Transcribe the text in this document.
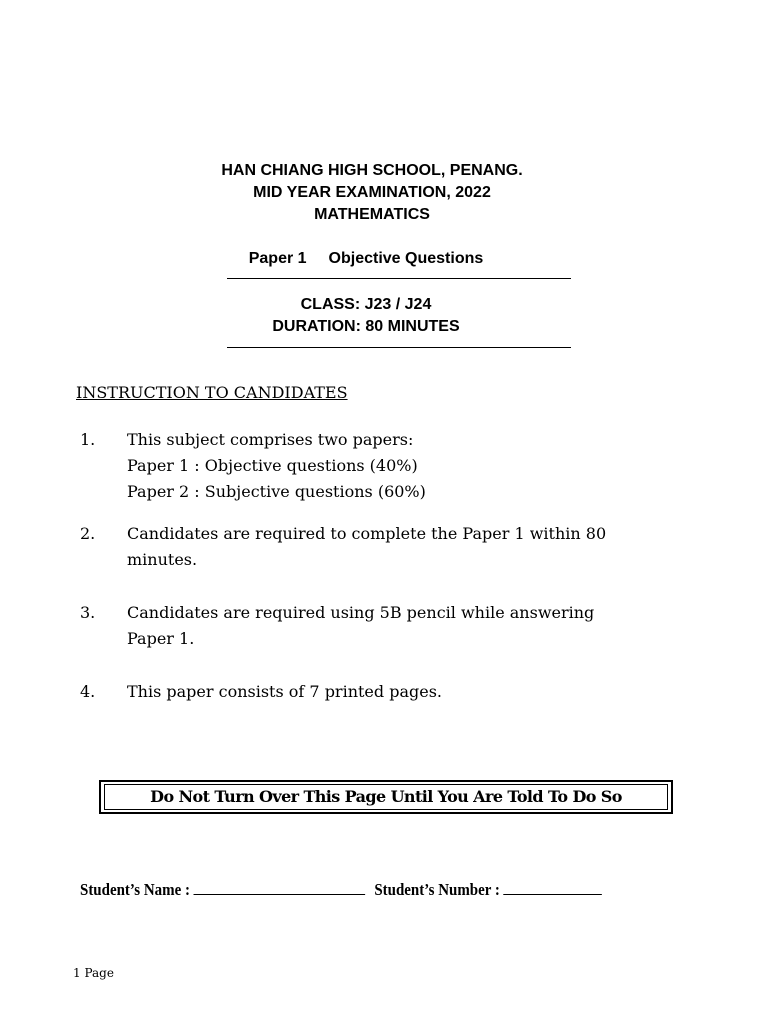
HAN CHIANG HIGH SCHOOL, PENANG.
MID YEAR EXAMINATION, 2022
MATHEMATICS
Paper 1 Objective Questions
CLASS: J23 / J24
DURATION: 80 MINUTES
INSTRUCTION TO CANDIDATES
1. This subject comprises two papers:
Paper 1 : Objective questions (40%)
Paper 2 : Subjective questions (60%)
2. Candidates are required to complete the Paper 1 within 80
minutes.
3. Candidates are required using 5B pencil while answering
Paper 1.
4. This paper consists of 7 printed pages.
Do Not Turn Over This Page Until You Are Told To Do So
Student’s Name :	Student’s Number :
1 Page
